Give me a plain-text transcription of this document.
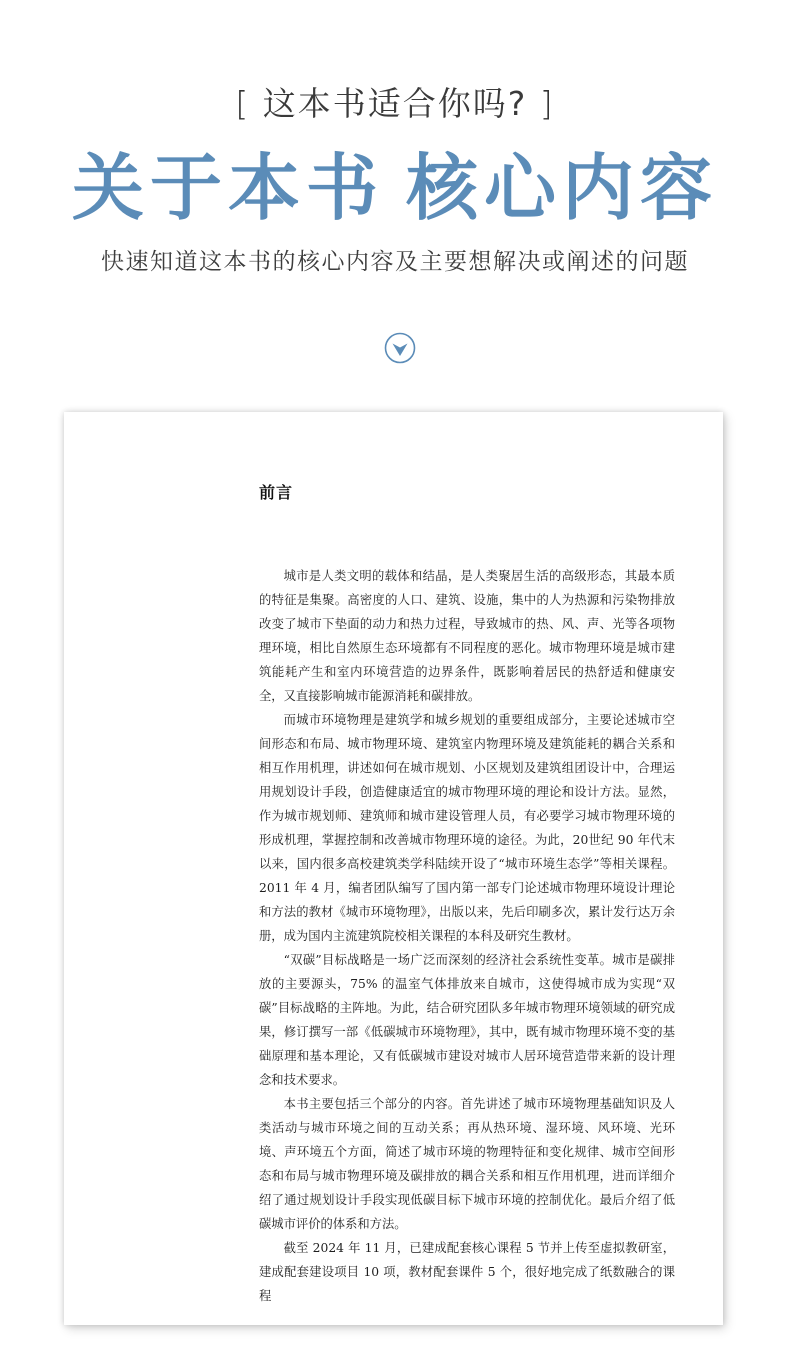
[ 这本书适合你吗? ]
关于本书 核心内容
快速知道这本书的核心内容及主要想解决或阐述的问题
前言

城市是人类文明的载体和结晶，是人类聚居生活的高级形态，其最本质的特征是集聚。高密度的人口、建筑、设施，集中的人为热源和污染物排放改变了城市下垫面的动力和热力过程，导致城市的热、风、声、光等各项物理环境，相比自然原生态环境都有不同程度的恶化。城市物理环境是城市建筑能耗产生和室内环境营造的边界条件，既影响着居民的热舒适和健康安全，又直接影响城市能源消耗和碳排放。

而城市环境物理是建筑学和城乡规划的重要组成部分，主要论述城市空间形态和布局、城市物理环境、建筑室内物理环境及建筑能耗的耦合关系和相互作用机理，讲述如何在城市规划、小区规划及建筑组团设计中，合理运用规划设计手段，创造健康适宜的城市物理环境的理论和设计方法。显然，作为城市规划师、建筑师和城市建设管理人员，有必要学习城市物理环境的形成机理，掌握控制和改善城市物理环境的途径。为此，20世纪 90 年代末以来，国内很多高校建筑类学科陆续开设了“城市环境生态学”等相关课程。2011 年 4 月，编者团队编写了国内第一部专门论述城市物理环境设计理论和方法的教材《城市环境物理》，出版以来，先后印刷多次，累计发行达万余册，成为国内主流建筑院校相关课程的本科及研究生教材。

“双碳”目标战略是一场广泛而深刻的经济社会系统性变革。城市是碳排放的主要源头，75% 的温室气体排放来自城市，这使得城市成为实现“双碳”目标战略的主阵地。为此，结合研究团队多年城市物理环境领域的研究成果，修订撰写一部《低碳城市环境物理》，其中，既有城市物理环境不变的基础原理和基本理论，又有低碳城市建设对城市人居环境营造带来新的设计理念和技术要求。

本书主要包括三个部分的内容。首先讲述了城市环境物理基础知识及人类活动与城市环境之间的互动关系；再从热环境、湿环境、风环境、光环境、声环境五个方面，简述了城市环境的物理特征和变化规律、城市空间形态和布局与城市物理环境及碳排放的耦合关系和相互作用机理，进而详细介绍了通过规划设计手段实现低碳目标下城市环境的控制优化。最后介绍了低碳城市评价的体系和方法。

截至 2024 年 11 月，已建成配套核心课程 5 节并上传至虚拟教研室，建成配套建设项目 10 项，教材配套课件 5 个，很好地完成了纸数融合的课程
